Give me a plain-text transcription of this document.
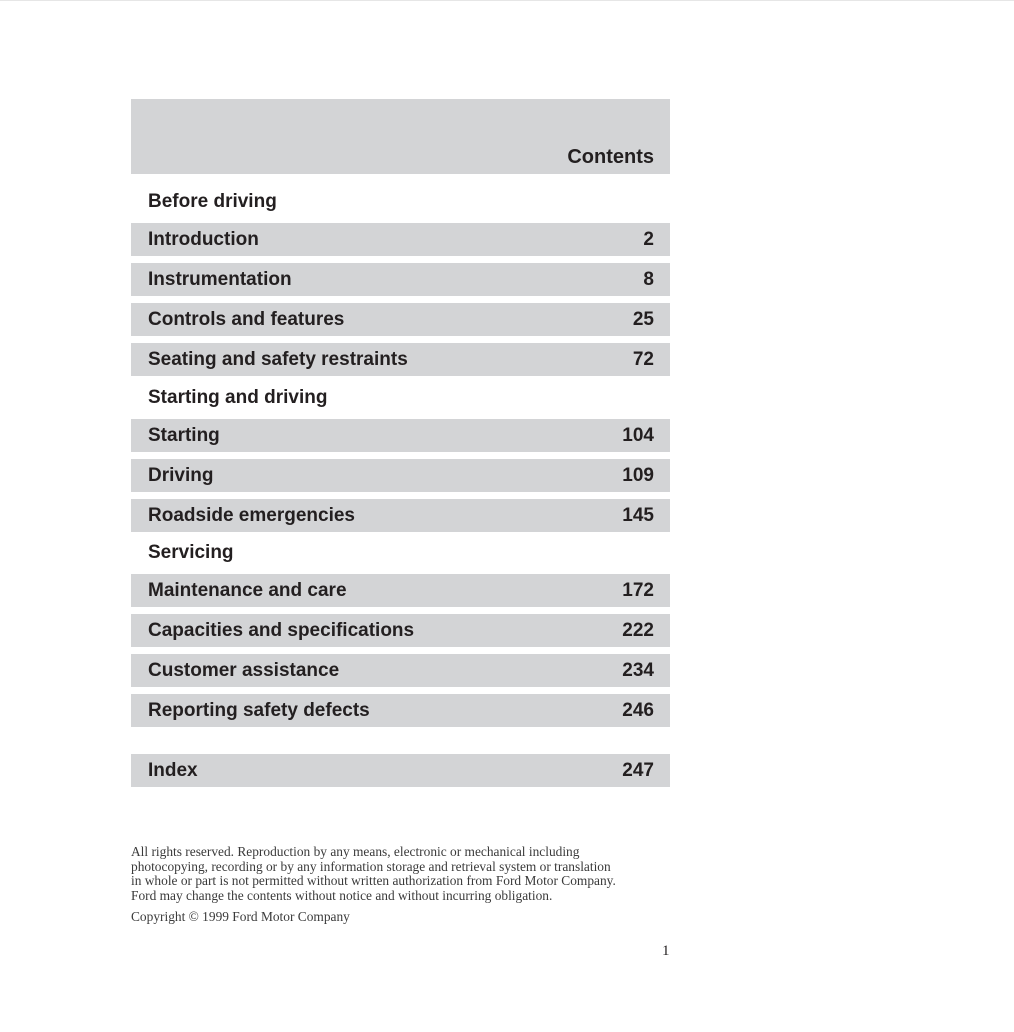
Contents
Before driving
Introduction	2
Instrumentation	8
Controls and features	25
Seating and safety restraints	72
Starting and driving
Starting	104
Driving	109
Roadside emergencies	145
Servicing
Maintenance and care	172
Capacities and specifications	222
Customer assistance	234
Reporting safety defects	246
Index	247

All rights reserved. Reproduction by any means, electronic or mechanical including

photocopying, recording or by any information storage and retrieval system or translation

in whole or part is not permitted without written authorization from Ford Motor Company.

Ford may change the contents without notice and without incurring obligation.

Copyright © 1999 Ford Motor Company
1
